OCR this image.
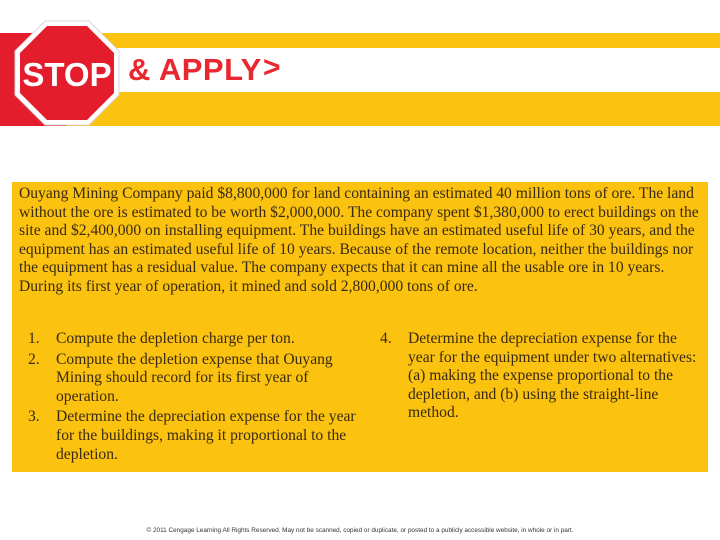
STOP & APPLY >

Ouyang Mining Company paid $8,800,000 for land containing an estimated 40 million tons of ore. The land without the ore is estimated to be worth $2,000,000. The company spent $1,380,000 to erect buildings on the site and $2,400,000 on installing equipment. The buildings have an estimated useful life of 30 years, and the equipment has an estimated useful life of 10 years. Because of the remote location, neither the buildings nor the equipment has a residual value. The company expects that it can mine all the usable ore in 10 years. During its first year of operation, it mined and sold 2,800,000 tons of ore.

1. Compute the depletion charge per ton.
2. Compute the depletion expense that Ouyang Mining should record for its first year of operation.
3. Determine the depreciation expense for the year for the buildings, making it proportional to the depletion.
4. Determine the depreciation expense for the year for the equipment under two alternatives: (a) making the expense proportional to the depletion, and (b) using the straight-line method.
© 2011 Cengage Learning All Rights Reserved. May not be scanned, copied or duplicate, or posted to a publicly accessible website, in whole or in part.
